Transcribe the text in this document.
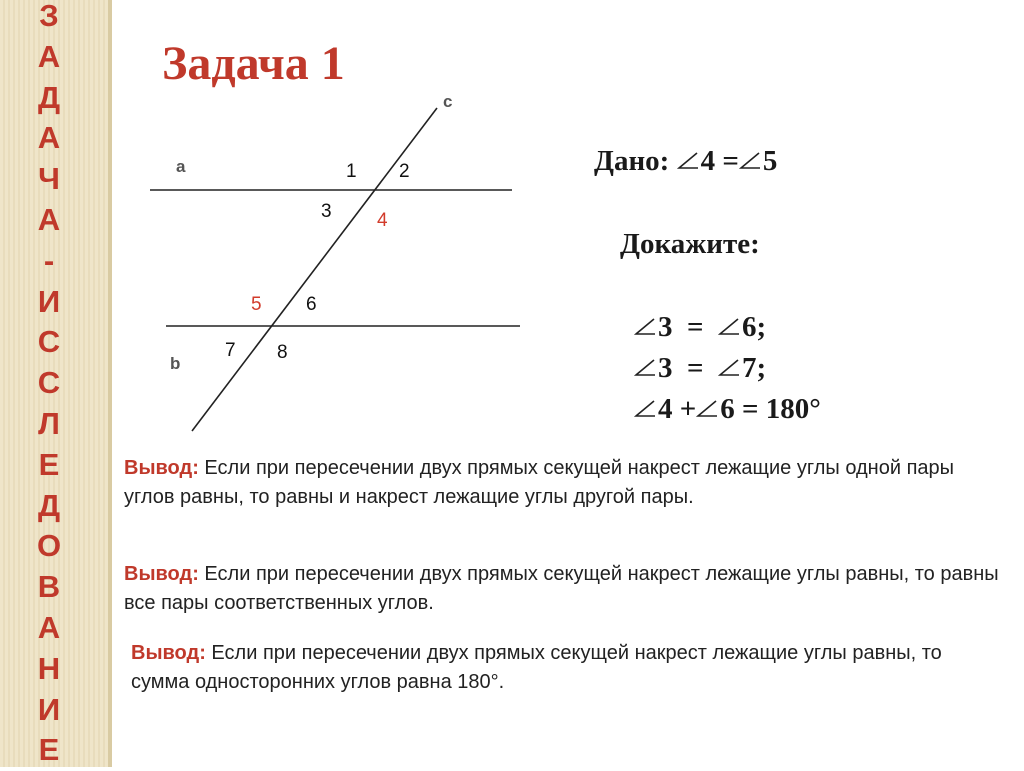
З
А
Д
А
Ч
А
-
И
С
С
Л
Е
Д
О
В
А
Н
И
Е
Задача 1
c
a
b
1 2
3 4
5 6
7 8
Дано: 4 = 5
Докажите:
3 = 6;
3 = 7;
4 + 6 = 180°
Вывод: Если при пересечении двух прямых секущей накрест лежащие углы одной пары углов равны, то равны и накрест лежащие углы другой пары.
Вывод: Если при пересечении двух прямых секущей накрест лежащие углы равны, то равны все пары соответственных углов.
Вывод: Если при пересечении двух прямых секущей накрест лежащие углы равны, то сумма односторонних углов равна 180°.
